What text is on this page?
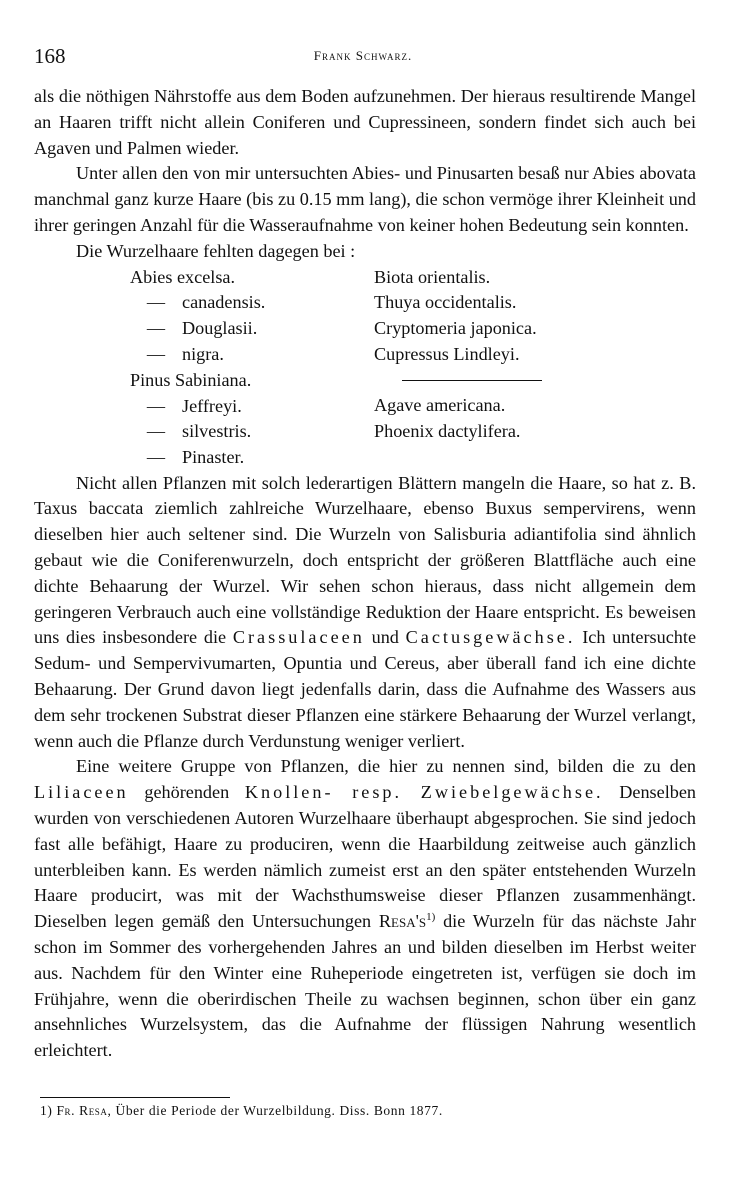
168	Frank Schwarz.

als die nöthigen Nährstoffe aus dem Boden aufzunehmen. Der hieraus resultirende Mangel an Haaren trifft nicht allein Coniferen und Cupressineen, sondern findet sich auch bei Agaven und Palmen wieder.

Unter allen den von mir untersuchten Abies- und Pinusarten besaß nur Abies abovata manchmal ganz kurze Haare (bis zu 0.15 mm lang), die schon vermöge ihrer Kleinheit und ihrer geringen Anzahl für die Wasseraufnahme von keiner hohen Bedeutung sein konnten.

Die Wurzelhaare fehlten dagegen bei :

Abies excelsa.
— canadensis.
— Douglasii.
— nigra.
Pinus Sabiniana.
— Jeffreyi.
— silvestris.
— Pinaster.
Biota orientalis.
Thuya occidentalis.
Cryptomeria japonica.
Cupressus Lindleyi.
Agave americana.
Phoenix dactylifera.

Nicht allen Pflanzen mit solch lederartigen Blättern mangeln die Haare, so hat z. B. Taxus baccata ziemlich zahlreiche Wurzelhaare, ebenso Buxus sempervirens, wenn dieselben hier auch seltener sind. Die Wurzeln von Salisburia adiantifolia sind ähnlich gebaut wie die Coniferenwurzeln, doch entspricht der größeren Blattfläche auch eine dichte Behaarung der Wurzel. Wir sehen schon hieraus, dass nicht allgemein dem geringeren Verbrauch auch eine vollständige Reduktion der Haare entspricht. Es beweisen uns dies insbesondere die Crassulaceen und Cactusgewächse. Ich untersuchte Sedum- und Sempervivumarten, Opuntia und Cereus, aber überall fand ich eine dichte Behaarung. Der Grund davon liegt jedenfalls darin, dass die Aufnahme des Wassers aus dem sehr trockenen Substrat dieser Pflanzen eine stärkere Behaarung der Wurzel verlangt, wenn auch die Pflanze durch Verdunstung weniger verliert.

Eine weitere Gruppe von Pflanzen, die hier zu nennen sind, bilden die zu den Liliaceen gehörenden Knollen- resp. Zwiebelgewächse. Denselben wurden von verschiedenen Autoren Wurzelhaare überhaupt abgesprochen. Sie sind jedoch fast alle befähigt, Haare zu produciren, wenn die Haarbildung zeitweise auch gänzlich unterbleiben kann. Es werden nämlich zumeist erst an den später entstehenden Wurzeln Haare producirt, was mit der Wachsthumsweise dieser Pflanzen zusammenhängt. Dieselben legen gemäß den Untersuchungen $Resa's^{1)}$ die Wurzeln für das nächste Jahr schon im Sommer des vorhergehenden Jahres an und bilden dieselben im Herbst weiter aus. Nachdem für den Winter eine Ruheperiode eingetreten ist, verfügen sie doch im Frühjahre, wenn die oberirdischen Theile zu wachsen beginnen, schon über ein ganz ansehnliches Wurzelsystem, das die Aufnahme der flüssigen Nahrung wesentlich erleichtert.

1) Fr. Resa, Über die Periode der Wurzelbildung. Diss. Bonn 1877.
